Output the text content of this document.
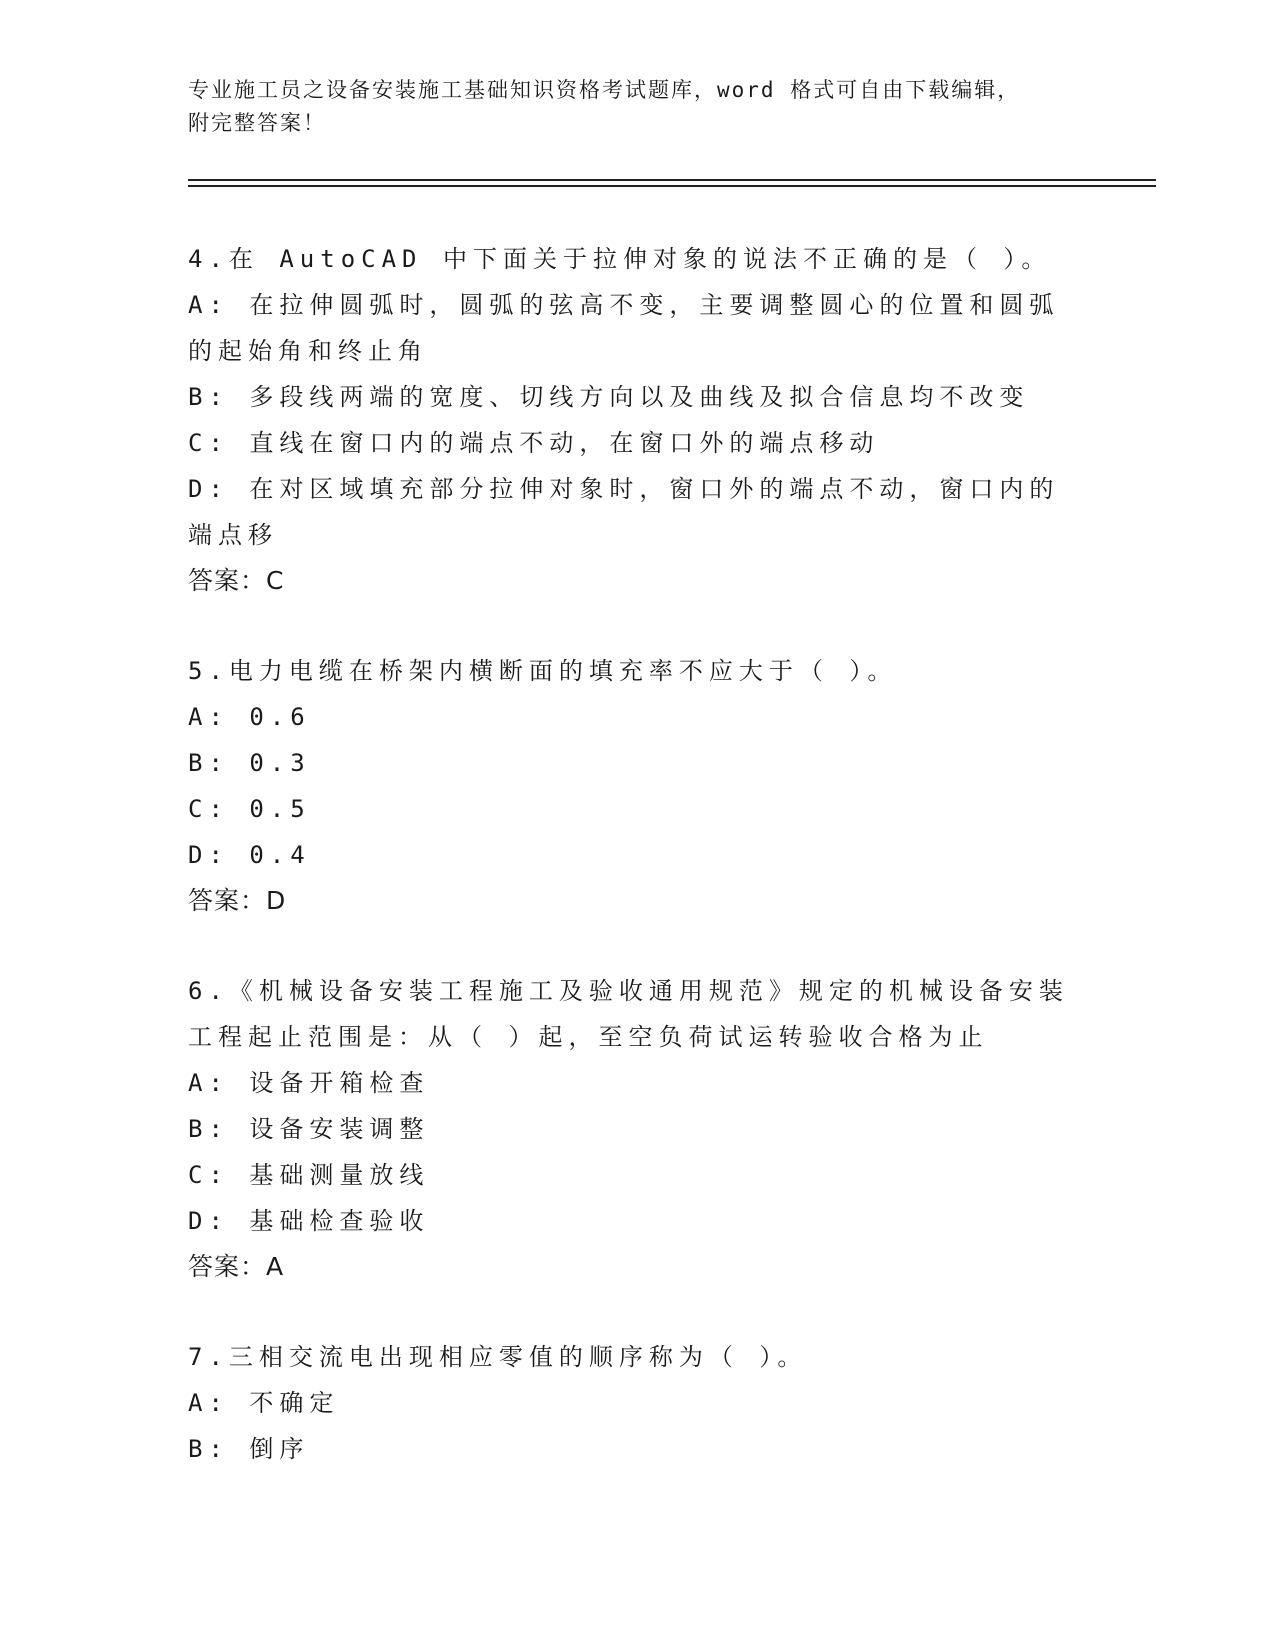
专业施工员之设备安装施工基础知识资格考试题库，word 格式可自由下载编辑，
附完整答案！
4.在 AutoCAD 中下面关于拉伸对象的说法不正确的是（ ）。
A: 在拉伸圆弧时，圆弧的弦高不变，主要调整圆心的位置和圆弧的起始角和终止角
B: 多段线两端的宽度、切线方向以及曲线及拟合信息均不改变
C: 直线在窗口内的端点不动，在窗口外的端点移动
D: 在对区域填充部分拉伸对象时，窗口外的端点不动，窗口内的端点移
答案：C
5.电力电缆在桥架内横断面的填充率不应大于（ ）。
A: 0.6
B: 0.3
C: 0.5
D: 0.4
答案：D
6.《机械设备安装工程施工及验收通用规范》规定的机械设备安装工程起止范围是：从（ ）起，至空负荷试运转验收合格为止
A: 设备开箱检查
B: 设备安装调整
C: 基础测量放线
D: 基础检查验收
答案：A
7.三相交流电出现相应零值的顺序称为（ ）。
A: 不确定
B: 倒序
